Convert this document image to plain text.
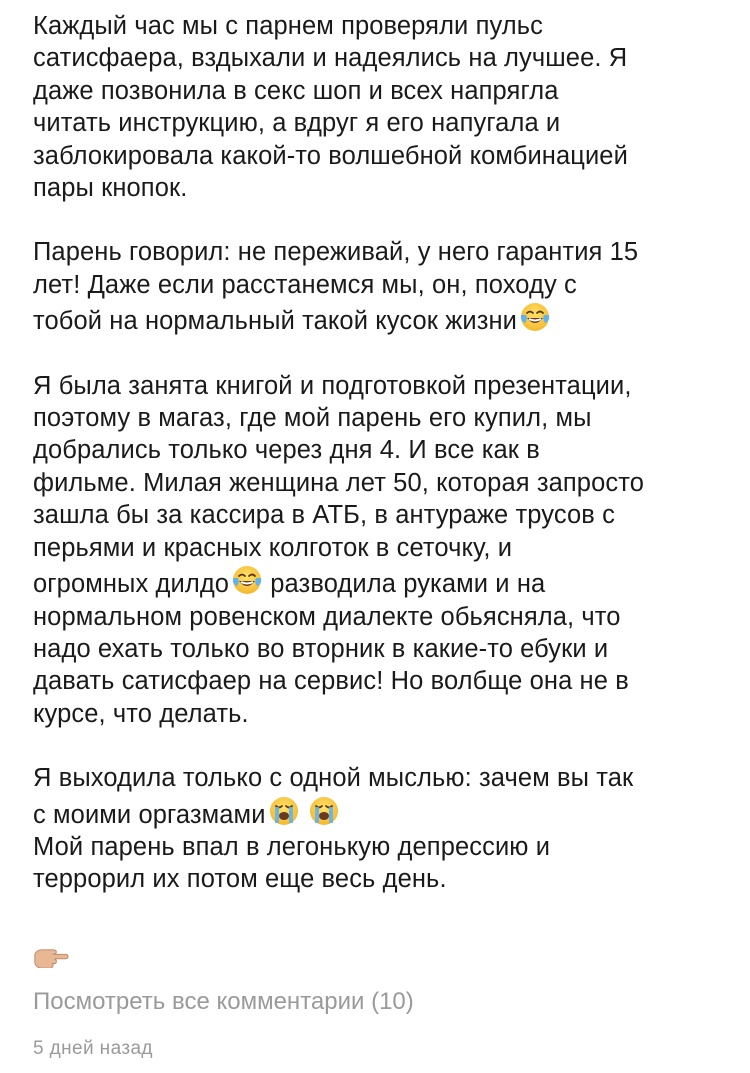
Каждый час мы с парнем проверяли пульс
сатисфаера, вздыхали и надеялись на лучшее. Я
даже позвонила в секс шоп и всех напрягла
читать инструкцию, а вдруг я его напугала и
заблокировала какой-то волшебной комбинацией
пары кнопок.

Парень говорил: не переживай, у него гарантия 15
лет! Даже если расстанемся мы, он, походу с
тобой на нормальный такой кусок жизни

Я была занята книгой и подготовкой презентации,
поэтому в магаз, где мой парень его купил, мы
добрались только через дня 4. И все как в
фильме. Милая женщина лет 50, которая запросто
зашла бы за кассира в АТБ, в антураже трусов с
перьями и красных колготок в сеточку, и
огромных дилдо разводила руками и на
нормальном ровенском диалекте обьясняла, что
надо ехать только во вторник в какие-то ебуки и
давать сатисфаер на сервис! Но волбще она не в
курсе, что делать.

Я выходила только с одной мыслью: зачем вы так
с моими оргазмами
Мой парень впал в легонькую депрессию и
террорил их потом еще весь день.

Посмотреть все комментарии (10)
5 дней назад
